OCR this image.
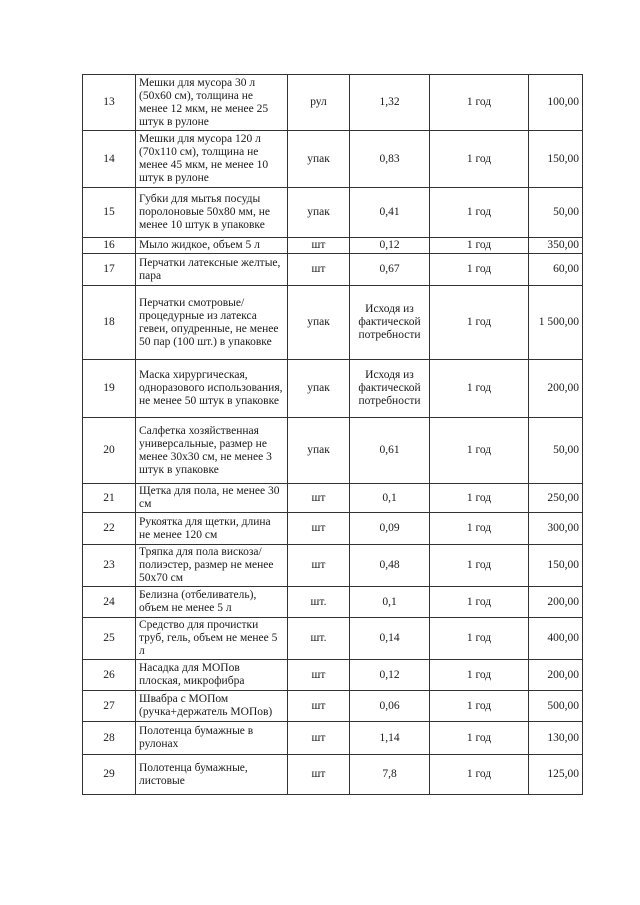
13	Мешки для мусора 30 л (50х60 см), толщина не менее 12 мкм, не менее 25 штук в рулоне	рул	1,32	1 год	100,00
14	Мешки для мусора 120 л (70х110 см), толщина не менее 45 мкм, не менее 10 штук в рулоне	упак	0,83	1 год	150,00
15	Губки для мытья посуды поролоновые 50х80 мм, не менее 10 штук в упаковке	упак	0,41	1 год	50,00
16	Мыло жидкое, объем 5 л	шт	0,12	1 год	350,00
17	Перчатки латексные желтые, пара	шт	0,67	1 год	60,00
18	Перчатки смотровые/процедурные из латекса гевеи, опудренные, не менее 50 пар (100 шт.) в упаковке	упак	Исходя из фактической потребности	1 год	1 500,00
19	Маска хирургическая, одноразового использования, не менее 50 штук в упаковке	упак	Исходя из фактической потребности	1 год	200,00
20	Салфетка хозяйственная универсальные, размер не менее 30х30 см, не менее 3 штук в упаковке	упак	0,61	1 год	50,00
21	Щетка для пола, не менее 30 см	шт	0,1	1 год	250,00
22	Рукоятка для щетки, длина не менее 120 см	шт	0,09	1 год	300,00
23	Тряпка для пола вискоза/полиэстер, размер не менее 50х70 см	шт	0,48	1 год	150,00
24	Белизна (отбеливатель), объем не менее 5 л	шт.	0,1	1 год	200,00
25	Средство для прочистки труб, гель, объем не менее 5 л	шт.	0,14	1 год	400,00
26	Насадка для МОПов плоская, микрофибра	шт	0,12	1 год	200,00
27	Швабра с МОПом (ручка+держатель МОПов)	шт	0,06	1 год	500,00
28	Полотенца бумажные в рулонах	шт	1,14	1 год	130,00
29	Полотенца бумажные, листовые	шт	7,8	1 год	125,00
